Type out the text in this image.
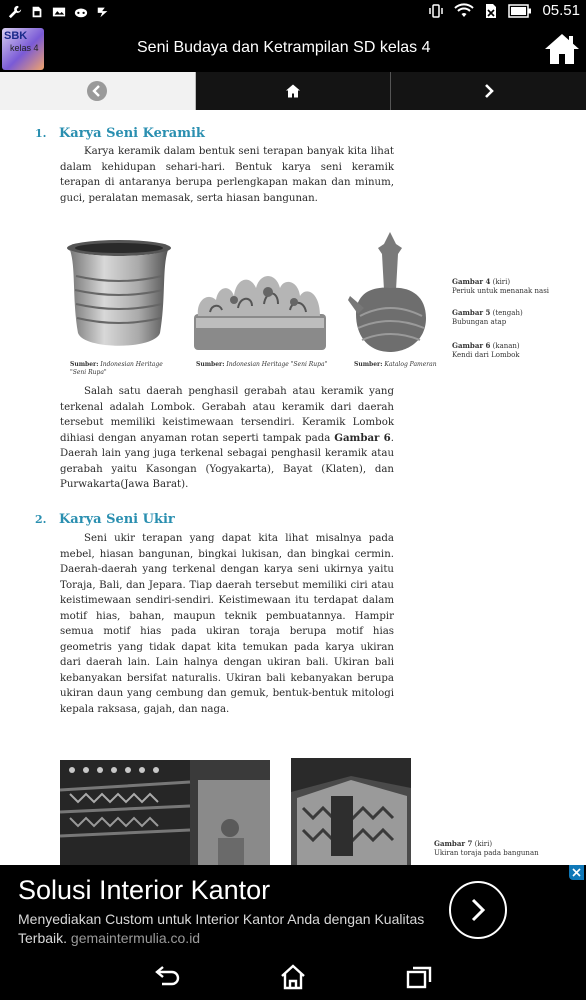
05.51
SBK
kelas 4	Seni Budaya dan Ketrampilan SD kelas 4
1. Karya Seni Keramik

Karya keramik dalam bentuk seni terapan banyak kita lihat dalam kehidupan sehari-hari. Bentuk karya seni keramik terapan di antaranya berupa perlengkapan makan dan minum, guci, peralatan memasak, serta hiasan bangunan.

Sumber: Indonesian Heritage "Seni Rupa"
Sumber: Indonesian Heritage "Seni Rupa"	Sumber: Katalog Pameran
Gambar 4 (kiri)
Periuk untuk menanak nasi
Gambar 5 (tengah)
Bubungan atap
Gambar 6 (kanan)
Kendi dari Lombok

Salah satu daerah penghasil gerabah atau keramik yang terkenal adalah Lombok. Gerabah atau keramik dari daerah tersebut memiliki keistimewaan tersendiri. Keramik Lombok dihiasi dengan anyaman rotan seperti tampak pada Gambar 6. Daerah lain yang juga terkenal sebagai penghasil keramik atau gerabah yaitu Kasongan (Yogyakarta), Bayat (Klaten), dan Purwakarta(Jawa Barat).

2. Karya Seni Ukir

Seni ukir terapan yang dapat kita lihat misalnya pada mebel, hiasan bangunan, bingkai lukisan, dan bingkai cermin. Daerah-daerah yang terkenal dengan karya seni ukirnya yaitu Toraja, Bali, dan Jepara. Tiap daerah tersebut memiliki ciri atau keistimewaan sendiri-sendiri. Keistimewaan itu terdapat dalam motif hias, bahan, maupun teknik pembuatannya. Hampir semua motif hias pada ukiran toraja berupa motif hias geometris yang tidak dapat kita temukan pada karya ukiran dari daerah lain. Lain halnya dengan ukiran bali. Ukiran bali kebanyakan bersifat naturalis. Ukiran bali kebanyakan berupa ukiran daun yang cembung dan gemuk, bentuk-bentuk mitologi kepala raksasa, gajah, dan naga.

Gambar 7 (kiri)
Ukiran toraja pada bangunan
Solusi Interior Kantor
Menyediakan Custom untuk Interior Kantor Anda dengan Kualitas Terbaik. gemaintermulia.co.id
